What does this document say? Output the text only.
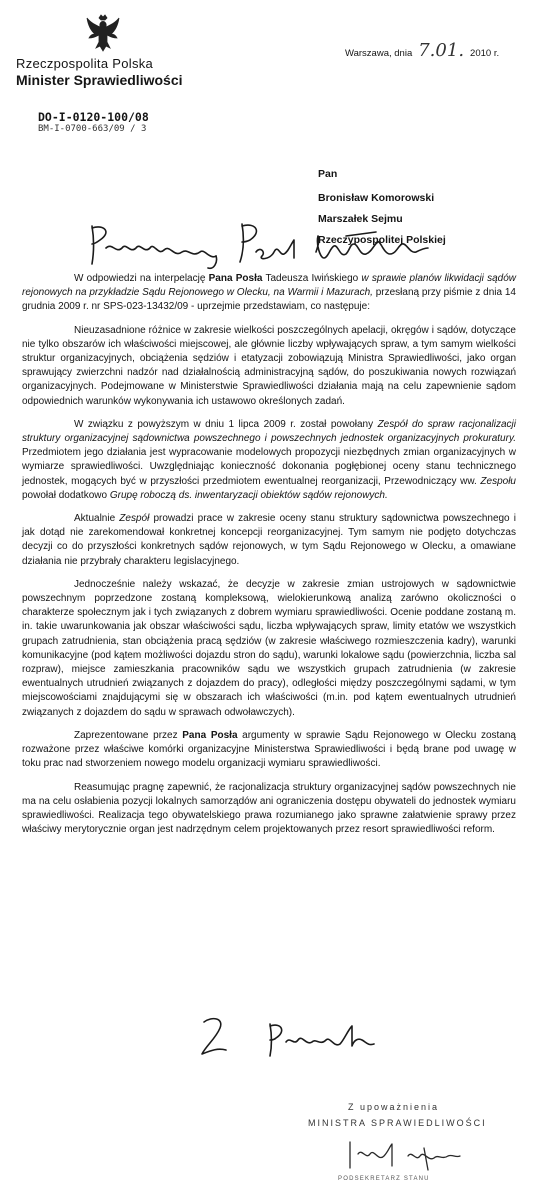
Rzeczpospolita Polska
Minister Sprawiedliwości
Warszawa, dnia 7.01. 2010 r.
DO-I-0120-100/08
BM-I-0700-663/09 / 3
Pan
Bronisław Komorowski
Marszałek Sejmu
Rzeczypospolitej Polskiej

W odpowiedzi na interpelację Pana Posła Tadeusza Iwińskiego w sprawie planów likwidacji sądów rejonowych na przykładzie Sądu Rejonowego w Olecku, na Warmii i Mazurach, przesłaną przy piśmie z dnia 14 grudnia 2009 r. nr SPS-023-13432/09 - uprzejmie przedstawiam, co następuje:

Nieuzasadnione różnice w zakresie wielkości poszczególnych apelacji, okręgów i sądów, dotyczące nie tylko obszarów ich właściwości miejscowej, ale głównie liczby wpływających spraw, a tym samym wielkości struktur organizacyjnych, obciążenia sędziów i etatyzacji zobowiązują Ministra Sprawiedliwości, jako organ sprawujący zwierzchni nadzór nad działalnością administracyjną sądów, do poszukiwania nowych rozwiązań organizacyjnych. Podejmowane w Ministerstwie Sprawiedliwości działania mają na celu zapewnienie sądom odpowiednich warunków wykonywania ich ustawowo określonych zadań.

W związku z powyższym w dniu 1 lipca 2009 r. został powołany Zespół do spraw racjonalizacji struktury organizacyjnej sądownictwa powszechnego i powszechnych jednostek organizacyjnych prokuratury. Przedmiotem jego działania jest wypracowanie modelowych propozycji niezbędnych zmian organizacyjnych w wymiarze sprawiedliwości. Uwzględniając konieczność dokonania pogłębionej oceny stanu technicznego jednostek, mogących być w przyszłości przedmiotem ewentualnej reorganizacji, Przewodniczący ww. Zespołu powołał dodatkowo Grupę roboczą ds. inwentaryzacji obiektów sądów rejonowych.

Aktualnie Zespół prowadzi prace w zakresie oceny stanu struktury sądownictwa powszechnego i jak dotąd nie zarekomendował konkretnej koncepcji reorganizacyjnej. Tym samym nie podjęto dotychczas decyzji co do przyszłości konkretnych sądów rejonowych, w tym Sądu Rejonowego w Olecku, a omawiane działania nie przybrały charakteru legislacyjnego.

Jednocześnie należy wskazać, że decyzje w zakresie zmian ustrojowych w sądownictwie powszechnym poprzedzone zostaną kompleksową, wielokierunkową analizą zarówno okoliczności o charakterze społecznym jak i tych związanych z dobrem wymiaru sprawiedliwości. Ocenie poddane zostaną m. in. takie uwarunkowania jak obszar właściwości sądu, liczba wpływających spraw, limity etatów we wszystkich grupach zatrudnienia, stan obciążenia pracą sędziów (w zakresie właściwego rozmieszczenia kadry), warunki komunikacyjne (pod kątem możliwości dojazdu stron do sądu), warunki lokalowe sądu (powierzchnia, liczba sal rozpraw), miejsce zamieszkania pracowników sądu we wszystkich grupach zatrudnienia (w zakresie ewentualnych utrudnień związanych z dojazdem do pracy), odległości między poszczególnymi sądami, w tym miejscowościami znajdującymi się w obszarach ich właściwości (m.in. pod kątem ewentualnych utrudnień związanych z dojazdem do sądu w sprawach odwoławczych).

Zaprezentowane przez Pana Posła argumenty w sprawie Sądu Rejonowego w Olecku zostaną rozważone przez właściwe komórki organizacyjne Ministerstwa Sprawiedliwości i będą brane pod uwagę w toku prac nad stworzeniem nowego modelu organizacji wymiaru sprawiedliwości.

Reasumując pragnę zapewnić, że racjonalizacja struktury organizacyjnej sądów powszechnych nie ma na celu osłabienia pozycji lokalnych samorządów ani ograniczenia dostępu obywateli do jednostek wymiaru sprawiedliwości. Realizacja tego obywatelskiego prawa rozumianego jako sprawne załatwienie sprawy przez właściwy merytorycznie organ jest nadrzędnym celem projektowanych przez resort sprawiedliwości reform.

Z upoważnienia
MINISTRA SPRAWIEDLIWOŚCI
PODSEKRETARZ STANU
